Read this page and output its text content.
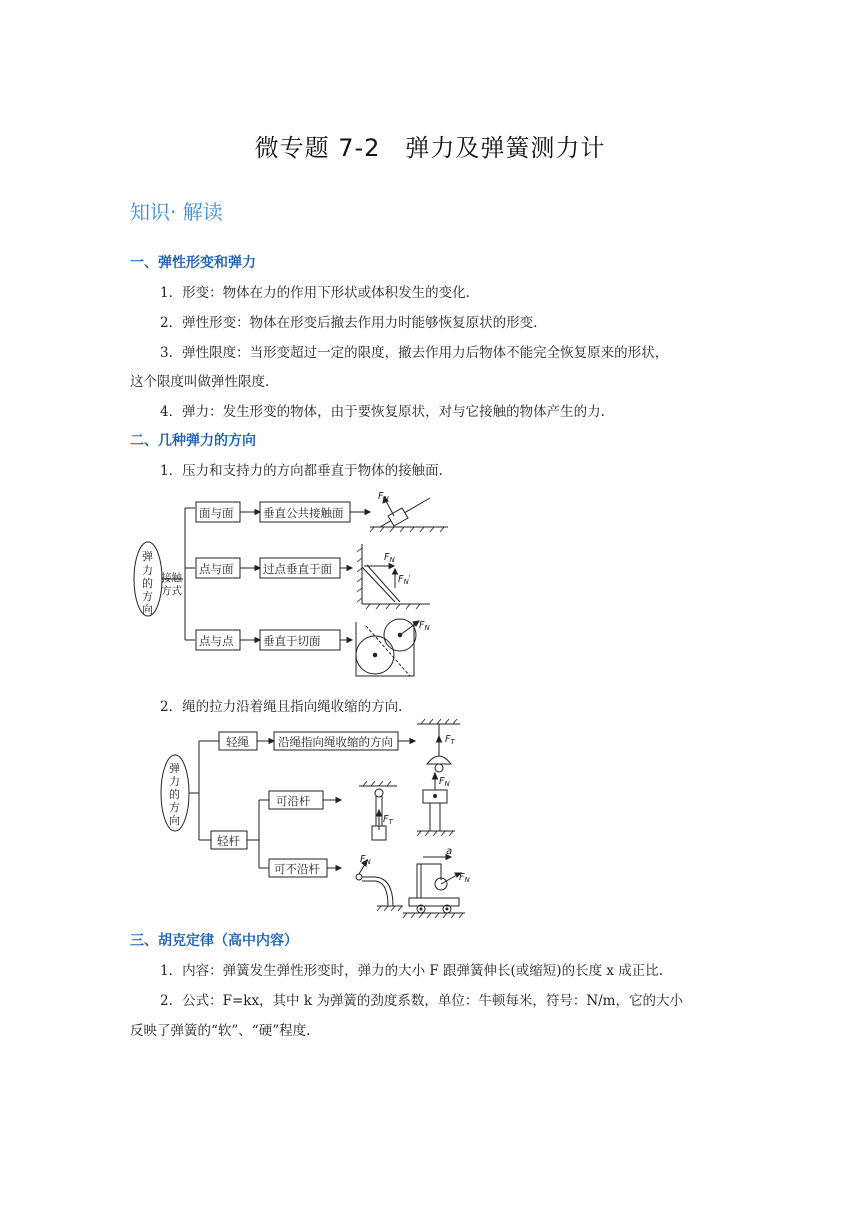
微专题 7-2　弹力及弹簧测力计
知识· 解读
一、弹性形变和弹力
1．形变：物体在力的作用下形状或体积发生的变化.
2．弹性形变：物体在形变后撤去作用力时能够恢复原状的形变.
3．弹性限度：当形变超过一定的限度，撤去作用力后物体不能完全恢复原来的形状，
这个限度叫做弹性限度.
4．弹力：发生形变的物体，由于要恢复原状，对与它接触的物体产生的力.
二、几种弹力的方向
1．压力和支持力的方向都垂直于物体的接触面.
弹
力
的
方
向
接触
方式
面与面
点与面
点与点
垂直公共接触面
过点垂直于面
垂直于切面
$F_N$
$F_N$
$F_N'$
$F_N$
2．绳的拉力沿着绳且指向绳收缩的方向.
弹
力
的
方
向
轻绳	沿绳指向绳收缩的方向
轻杆
可沿杆
可不沿杆
$F_T$
$F_T$
$F_N$
$F_N$
a
$F_N$
三、胡克定律（高中内容）
1．内容：弹簧发生弹性形变时，弹力的大小 F 跟弹簧伸长(或缩短)的长度 x 成正比.
2．公式：F=kx，其中 k 为弹簧的劲度系数，单位：牛顿每米，符号：N/m，它的大小
反映了弹簧的“软”、“硬”程度.
